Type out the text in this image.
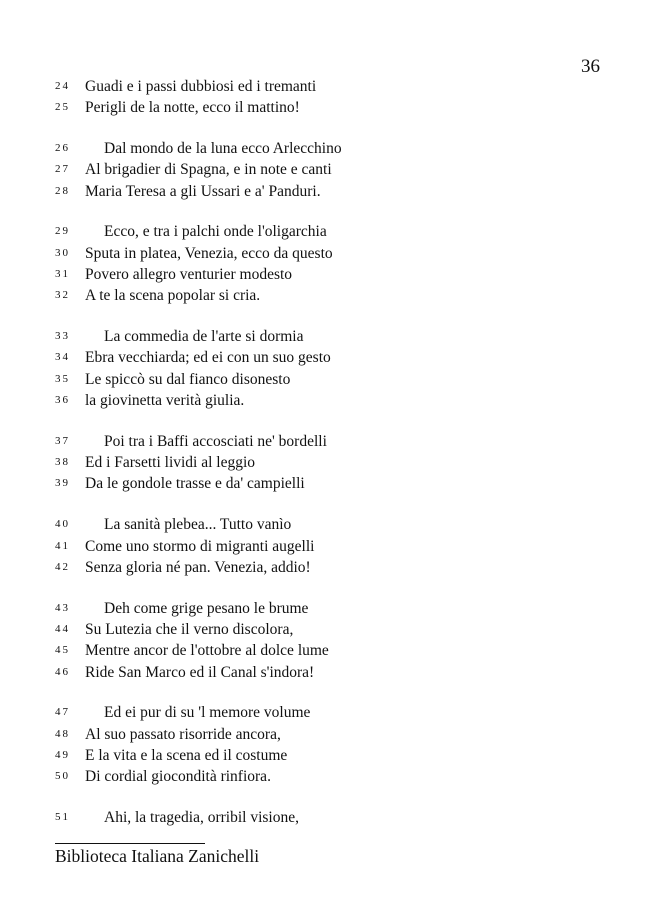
36
24 Guadi e i passi dubbiosi ed i tremanti
25 Perigli de la notte, ecco il mattino!
26	Dal mondo de la luna ecco Arlecchino
27 Al brigadier di Spagna, e in note e canti
28 Maria Teresa a gli Ussari e a' Panduri.
29	Ecco, e tra i palchi onde l'oligarchia
30 Sputa in platea, Venezia, ecco da questo
31 Povero allegro venturier modesto
32 A te la scena popolar si cria.
33	La commedia de l'arte si dormia
34 Ebra vecchiarda; ed ei con un suo gesto
35 Le spiccò su dal fianco disonesto
36 la giovinetta verità giulia.
37	Poi tra i Baffi accosciati ne' bordelli
38 Ed i Farsetti lividi al leggio
39 Da le gondole trasse e da' campielli
40	La sanità plebea... Tutto vanìo
41 Come uno stormo di migranti augelli
42 Senza gloria né pan. Venezia, addio!
43	Deh come grige pesano le brume
44 Su Lutezia che il verno discolora,
45 Mentre ancor de l'ottobre al dolce lume
46 Ride San Marco ed il Canal s'indora!
47	Ed ei pur di su 'l memore volume
48 Al suo passato risorride ancora,
49 E la vita e la scena ed il costume
50 Di cordial giocondità rinfiora.
51	Ahi, la tragedia, orribil visione,
Biblioteca Italiana Zanichelli
